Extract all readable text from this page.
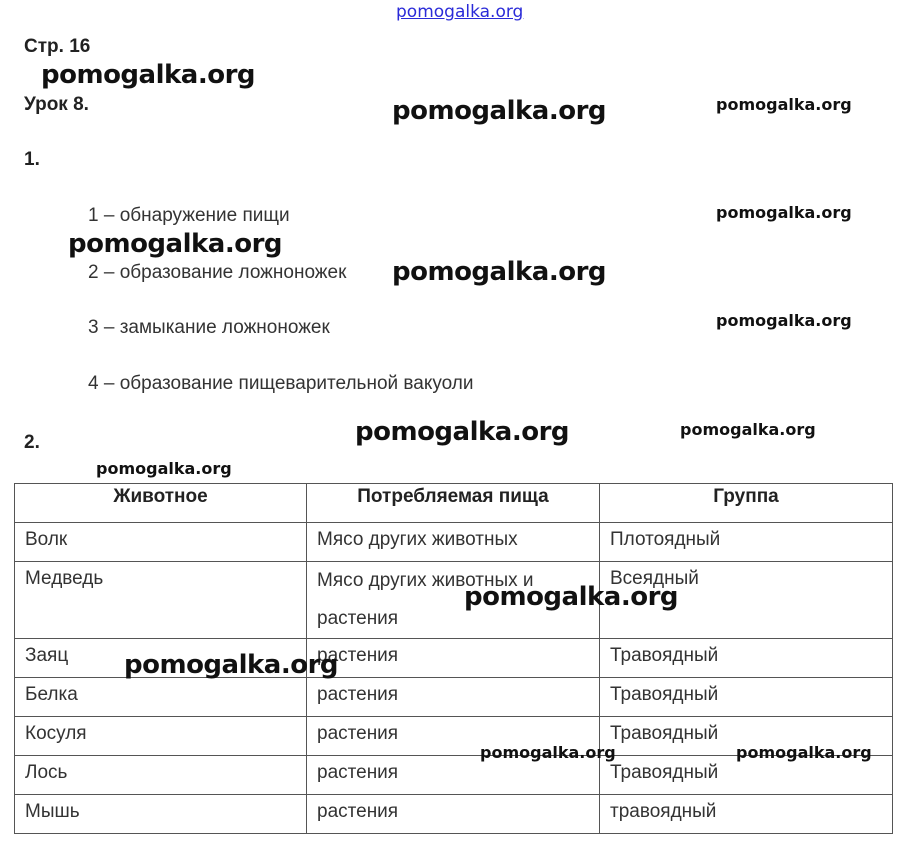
pomogalka.org
pomogalka.org
pomogalka.org	pomogalka.org
pomogalka.org
pomogalka.org
pomogalka.org
pomogalka.org
pomogalka.org	pomogalka.org
pomogalka.org
Стр. 16
Урок 8.
1.
1 – обнаружение пищи
2 – образование ложноножек
3 – замыкание ложноножек
4 – образование пищеварительной вакуоли
2.
Животное	Потребляемая пища	Группа
Волк	Мясо других животных	Плотоядный
Медведь	Мясо других животных и растения	Всеядный
Заяц	растения	Травоядный
Белка	растения	Травоядный
Косуля	растения	Травоядный
Лось	растения	Травоядный
Мышь	растения	травоядный
pomogalka.org
pomogalka.org
pomogalka.org	pomogalka.org
